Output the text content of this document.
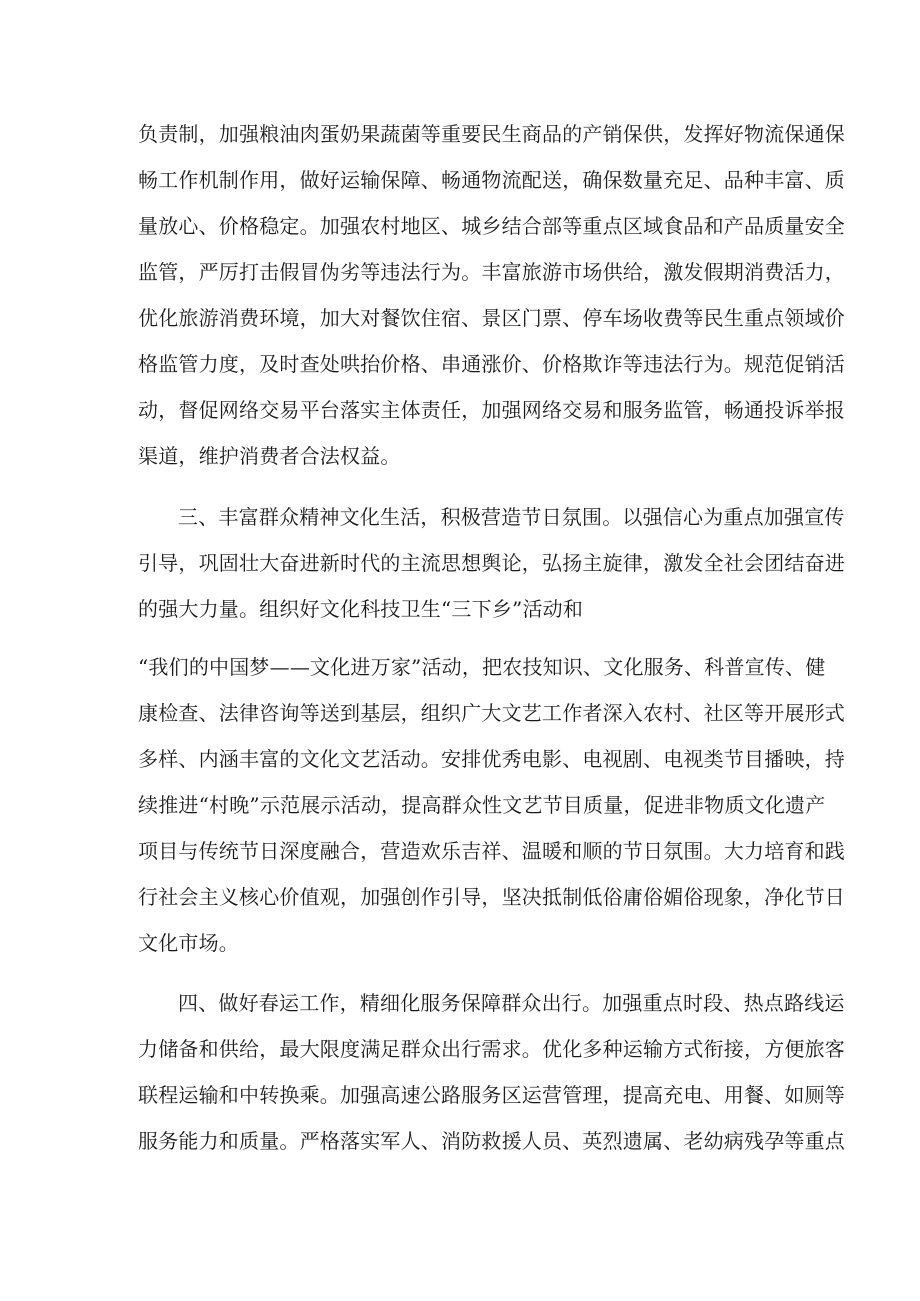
负责制，加强粮油肉蛋奶果蔬菌等重要民生商品的产销保供，发挥好物流保通保
畅工作机制作用，做好运输保障、畅通物流配送，确保数量充足、品种丰富、质
量放心、价格稳定。加强农村地区、城乡结合部等重点区域食品和产品质量安全
监管，严厉打击假冒伪劣等违法行为。丰富旅游市场供给，激发假期消费活力，
优化旅游消费环境，加大对餐饮住宿、景区门票、停车场收费等民生重点领域价
格监管力度，及时查处哄抬价格、串通涨价、价格欺诈等违法行为。规范促销活
动，督促网络交易平台落实主体责任，加强网络交易和服务监管，畅通投诉举报
渠道，维护消费者合法权益。
三、丰富群众精神文化生活，积极营造节日氛围。以强信心为重点加强宣传
引导，巩固壮大奋进新时代的主流思想舆论，弘扬主旋律，激发全社会团结奋进
的强大力量。组织好文化科技卫生“三下乡”活动和
“我们的中国梦——文化进万家”活动，把农技知识、文化服务、科普宣传、健
康检查、法律咨询等送到基层，组织广大文艺工作者深入农村、社区等开展形式
多样、内涵丰富的文化文艺活动。安排优秀电影、电视剧、电视类节目播映，持
续推进“村晚”示范展示活动，提高群众性文艺节目质量，促进非物质文化遗产
项目与传统节日深度融合，营造欢乐吉祥、温暖和顺的节日氛围。大力培育和践
行社会主义核心价值观，加强创作引导，坚决抵制低俗庸俗媚俗现象，净化节日
文化市场。
四、做好春运工作，精细化服务保障群众出行。加强重点时段、热点路线运
力储备和供给，最大限度满足群众出行需求。优化多种运输方式衔接，方便旅客
联程运输和中转换乘。加强高速公路服务区运营管理，提高充电、用餐、如厕等
服务能力和质量。严格落实军人、消防救援人员、英烈遗属、老幼病残孕等重点
